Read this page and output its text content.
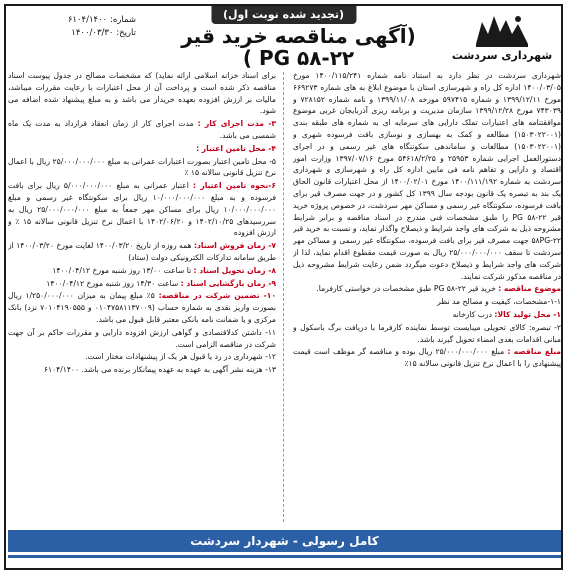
(تجدید شده نوبت اول)
شهرداری سردشت
شماره: ۶۱۰۴/۱۴۰۰
تاریخ: ۱۴۰۰/۰۳/۳۰	(آگهی مناقصه خرید قیر
PG ۵۸-۲۲ )

شهرداری سردشت در نظر دارد به استناد نامه شماره ۱۴۰۰/۱۱۵/۲۴۱ مورخ ۱۴۰۰/۰۳/۰۵ اداره کل راه و شهرسازی استان با موضوع ابلاغ به های شماره ۶۶۹۲۷۳ مورخ ۱۳۹۹/۱۲/۱۱ و شماره ۵۹۷۴۱۵ مورخه ۱۳۹۹/۱۱/۰۸ و نامه شماره ۷۲۸۱۵۲ و ۷۴۳۰۳۹ مورخ ۱۳۹۹/۱۲/۲۸ سازمان مدیریت و برنامه ریزی آذربایجان غربی موضوع موافقتنامه های اعتبارات تملک دارایی های سرمایه ای به شماره های طبقه بندی (۱۵۰۳۰۲۲۰۰۱) مطالعه و کمک به بهسازی و نوسازی بافت فرسوده شهری و (۱۵۰۳۰۲۲۰۰۱) مطالعات و ساماندهی سکونتگاه های غیر رسمی و در اجرای دستورالعمل اجرایی شماره ۲۵۹۵۳ و ۵۴۶۱۸/۲/۲۵ مورخ ۱۳۹۷/۰۷/۱۶ وزارت امور اقتصاد و دارایی و تفاهم نامه فی مابین اداره کل راه و شهرسازی و شهرداری سردشت به شماره ۱۴۰۰/۱۱۱/۱۹۲ مورخ ۱۴۰۰/۰۲/۰۱ از محل اعتبارات قانون الحاق یک بند به تبصره یک قانون بودجه سال ۱۳۹۹ کل کشور و در جهت مصرف قیر برای بافت فرسوده، سکونتگاه غیر رسمی و مساکن مهر سردشت، در خصوص پروژه خرید قیر ۲۲-۵۸ PG را طبق مشخصات فنی مندرج در اسناد مناقصه و برابر شرایط مشروحه ذیل به شرکت های واجد شرایط و ذیصلاح واگذار نماید، و نسبت به خرید قیر ۲۲-۵۸PG جهت مصرف قیر برای بافت فرسوده، سکونتگاه غیر رسمی و مساکن مهر سردشت تا سقف ۲۵/۰۰۰/۰۰۰/۰۰۰ ریال به صورت قیمت مقطوع اقدام نماید، لذا از شرکت های واجد شرایط و ذیصلاح دعوت میگردد ضمن رعایت شرایط مشروحه ذیل در مناقصه مذکور شرکت نمایند.

موضوع مناقصه : خرید قیر ۲۲-۵۸ PG طبق مشخصات در خواستی کارفرما.

۱-۱-مشخصات، کیفیت و مصالح مد نظر

۱- محل تولید کالا: درب کارخانه

۲- تبصره: کالای تحویلی میبایست توسط نماینده کارفرما با دریافت برگ باسکول و مبانی اقدامات بعدی امضاء تحویل گیرند باشد.

مبلغ مناقصه : مبلغ ۲۵/۰۰۰/۰۰۰/۰۰۰ ریال بوده و مناقصه گر موظف است قیمت پیشنهادی را با اعمال نرخ تنزیل قانونی سالانه ۱۵٪

برای اسناد خزانه اسلامی ارائه نماید) که مشخصات مصالح در جدول پیوست اسناد مناقصه ذکر شده است و پرداخت آن از محل اعتبارات با رعایت مقررات میباشد، مالیات بر ارزش افزوده بعهده خریدار می باشد و به مبلغ پیشنهاد شده اضافه می شود.

۳- مدت اجرای کار : مدت اجرای کار از زمان انعقاد قرارداد به مدت یک ماه شمسی می باشد.

۴- محل تامین اعتبار :

۵- محل تامین اعتبار بصورت اعتبارات عمرانی به مبلغ ۲۵/۰۰۰/۰۰۰/۰۰۰ ریال با اعمال نرخ تنزیل قانونی سالانه ۱۵ ٪

۶-نحوه تامین اعتبار : اعتبار عمرانی به مبلغ ۵/۰۰۰/۰۰۰/۰۰۰ ریال برای بافت فرسوده و به مبلغ ۱۰/۰۰۰/۰۰۰/۰۰۰ ریال برای سکونتگاه غیر رسمی و مبلغ ۱۰/۰۰۰/۰۰۰/۰۰۰ ریال برای مساکن مهر جمعاً به مبلغ ۲۵/۰۰۰/۰۰۰/۰۰۰ ریال به سررسیدهای ۱۴۰۲/۱۰/۲۵ و ۱۴۰۲/۰۶/۲۰ با اعمال نرخ تنزیل قانونی سالانه ۱۵ ٪ و ارزش افزوده

۷- زمان فروش اسناد: همه روزه از تاریخ ۱۴۰۰/۰۳/۲۰ لغایت مورخ ۱۴۰۰/۰۳/۲۰ از طریق سامانه تدارکات الکترونیکی دولت (ستاد)

۸- زمان تحویل اسناد : تا ساعت ۱۳/۰۰ روز شنبه مورخ ۱۴۰۰/۰۴/۱۲

۹- زمان بازگشایی اسناد : ساعت ۱۴/۳۰ روز شنبه مورخ ۱۴۰۰/۰۴/۱۲

۱۰- تضمین شرکت در مناقصه: ۵٪ مبلغ پیمان به میزان ۱/۲۵۰/۰۰۰/۰۰۰ ریال بصورت واریز نقدی به شماره حساب (۰۱۰۴۷۵۸۱۱۳۷۰۰۹ و ۷۰۱۰۴۱۹۰۵۵۵ نزد) بانک مرکزی و یا ضمانت نامه بانکی معتبر قابل قبول می باشد.

۱۱- داشتن کدلاقتصادی و گواهی ارزش افزوده دارایی و مقررات حاکم بر آن جهت شرکت در مناقصه الزامی است.

۱۲- شهرداری در رد یا قبول هر یک از پیشنهادات مختار است.

۱۳- هزینه نشر آگهی به عهده به عهده پیمانکار برنده می باشد. ۶۱۰۴/۱۴۰۰

کامل رسولی - شهردار سردشت
